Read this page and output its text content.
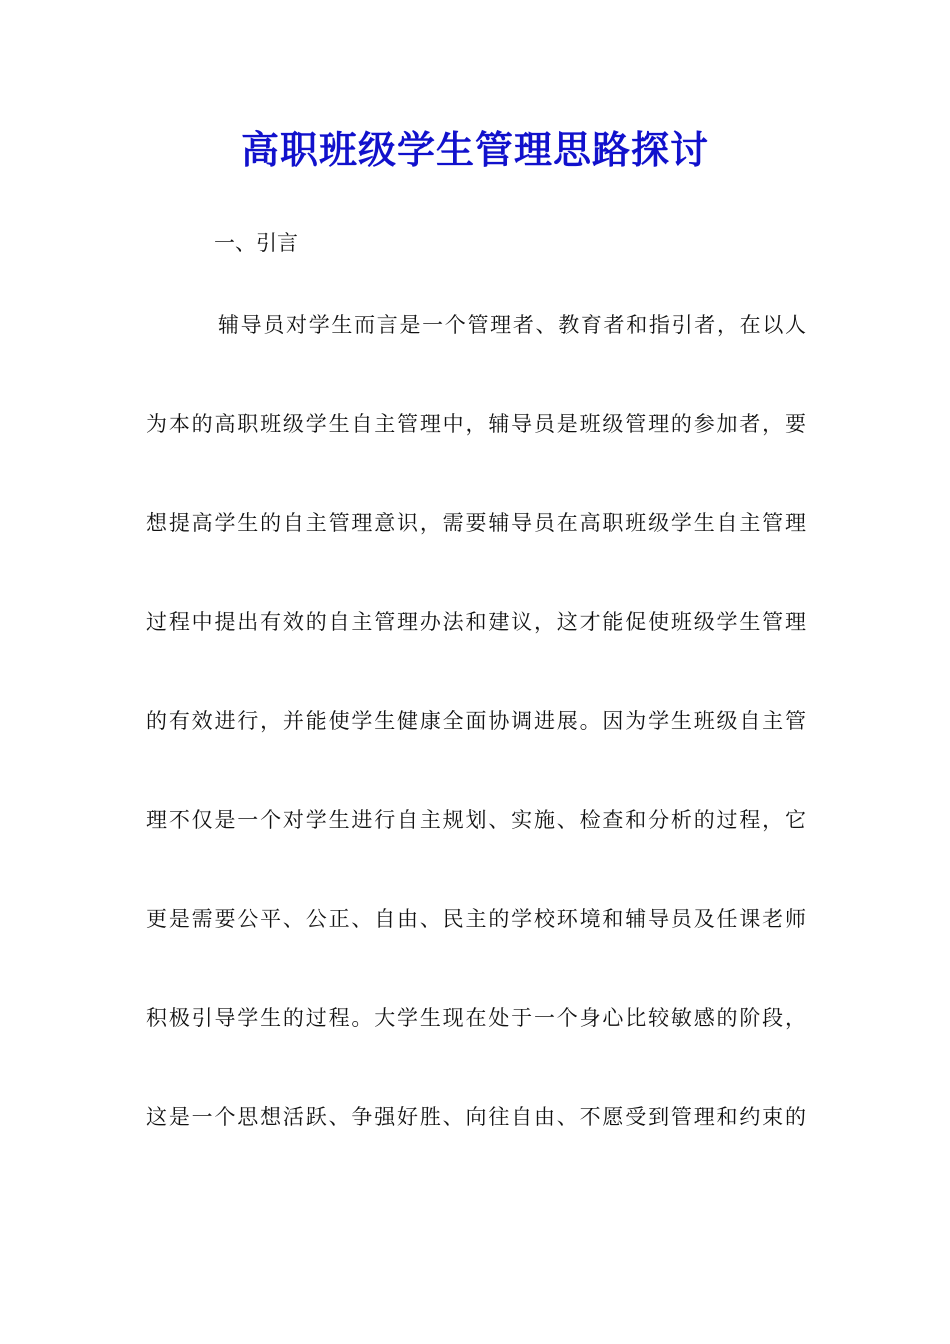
高职班级学生管理思路探讨

一、引言

辅导员对学生而言是一个管理者、教育者和指引者，在以人

为本的高职班级学生自主管理中，辅导员是班级管理的参加者，要

想提高学生的自主管理意识，需要辅导员在高职班级学生自主管理

过程中提出有效的自主管理办法和建议，这才能促使班级学生管理

的有效进行，并能使学生健康全面协调进展。因为学生班级自主管

理不仅是一个对学生进行自主规划、实施、检查和分析的过程，它

更是需要公平、公正、自由、民主的学校环境和辅导员及任课老师

积极引导学生的过程。大学生现在处于一个身心比较敏感的阶段，

这是一个思想活跃、争强好胜、向往自由、不愿受到管理和约束的
